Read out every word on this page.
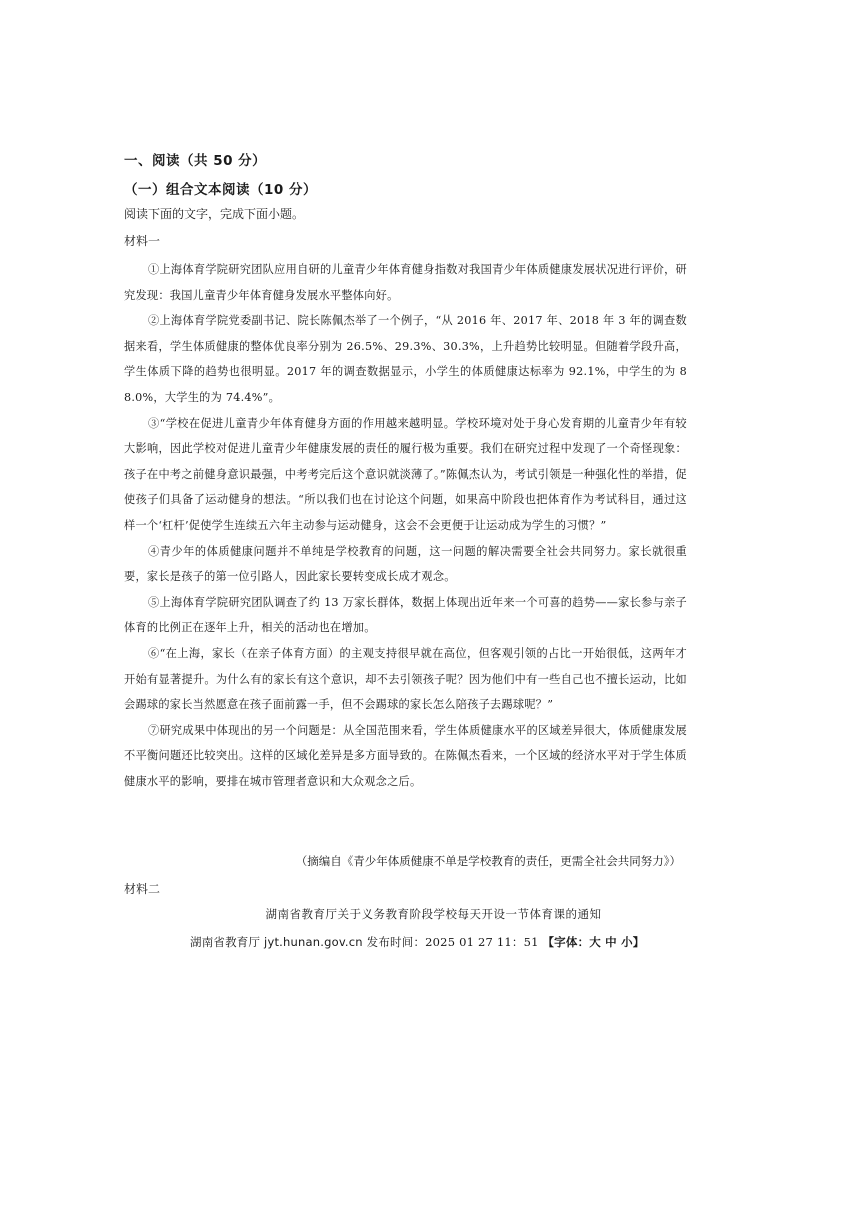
一、阅读（共 50 分）
（一）组合文本阅读（10 分）
阅读下面的文字，完成下面小题。
材料一

①上海体育学院研究团队应用自研的儿童青少年体育健身指数对我国青少年体质健康发展状况进行评价，研究发现：我国儿童青少年体育健身发展水平整体向好。

②上海体育学院党委副书记、院长陈佩杰举了一个例子，“从 2016 年、2017 年、2018 年 3 年的调查数据来看，学生体质健康的整体优良率分别为 26.5%、29.3%、30.3%，上升趋势比较明显。但随着学段升高，学生体质下降的趋势也很明显。2017 年的调查数据显示，小学生的体质健康达标率为 92.1%，中学生的为 88.0%，大学生的为 74.4%”。

③“学校在促进儿童青少年体育健身方面的作用越来越明显。学校环境对处于身心发育期的儿童青少年有较大影响，因此学校对促进儿童青少年健康发展的责任的履行极为重要。我们在研究过程中发现了一个奇怪现象：孩子在中考之前健身意识最强，中考考完后这个意识就淡薄了。”陈佩杰认为，考试引领是一种强化性的举措，促使孩子们具备了运动健身的想法。“所以我们也在讨论这个问题，如果高中阶段也把体育作为考试科目，通过这样一个‘杠杆’促使学生连续五六年主动参与运动健身，这会不会更便于让运动成为学生的习惯？”

④青少年的体质健康问题并不单纯是学校教育的问题，这一问题的解决需要全社会共同努力。家长就很重要，家长是孩子的第一位引路人，因此家长要转变成长成才观念。

⑤上海体育学院研究团队调查了约 13 万家长群体，数据上体现出近年来一个可喜的趋势——家长参与亲子体育的比例正在逐年上升，相关的活动也在增加。

⑥“在上海，家长（在亲子体育方面）的主观支持很早就在高位，但客观引领的占比一开始很低，这两年才开始有显著提升。为什么有的家长有这个意识，却不去引领孩子呢？因为他们中有一些自己也不擅长运动，比如会踢球的家长当然愿意在孩子面前露一手，但不会踢球的家长怎么陪孩子去踢球呢？”

⑦研究成果中体现出的另一个问题是：从全国范围来看，学生体质健康水平的区域差异很大，体质健康发展不平衡问题还比较突出。这样的区域化差异是多方面导致的。在陈佩杰看来，一个区域的经济水平对于学生体质健康水平的影响，要排在城市管理者意识和大众观念之后。

（摘编自《青少年体质健康不单是学校教育的责任，更需全社会共同努力》）
材料二
湖南省教育厅关于义务教育阶段学校每天开设一节体育课的通知
湖南省教育厅 jyt.hunan.gov.cn 发布时间：2025 01 27 11：51 【字体：大 中 小】
